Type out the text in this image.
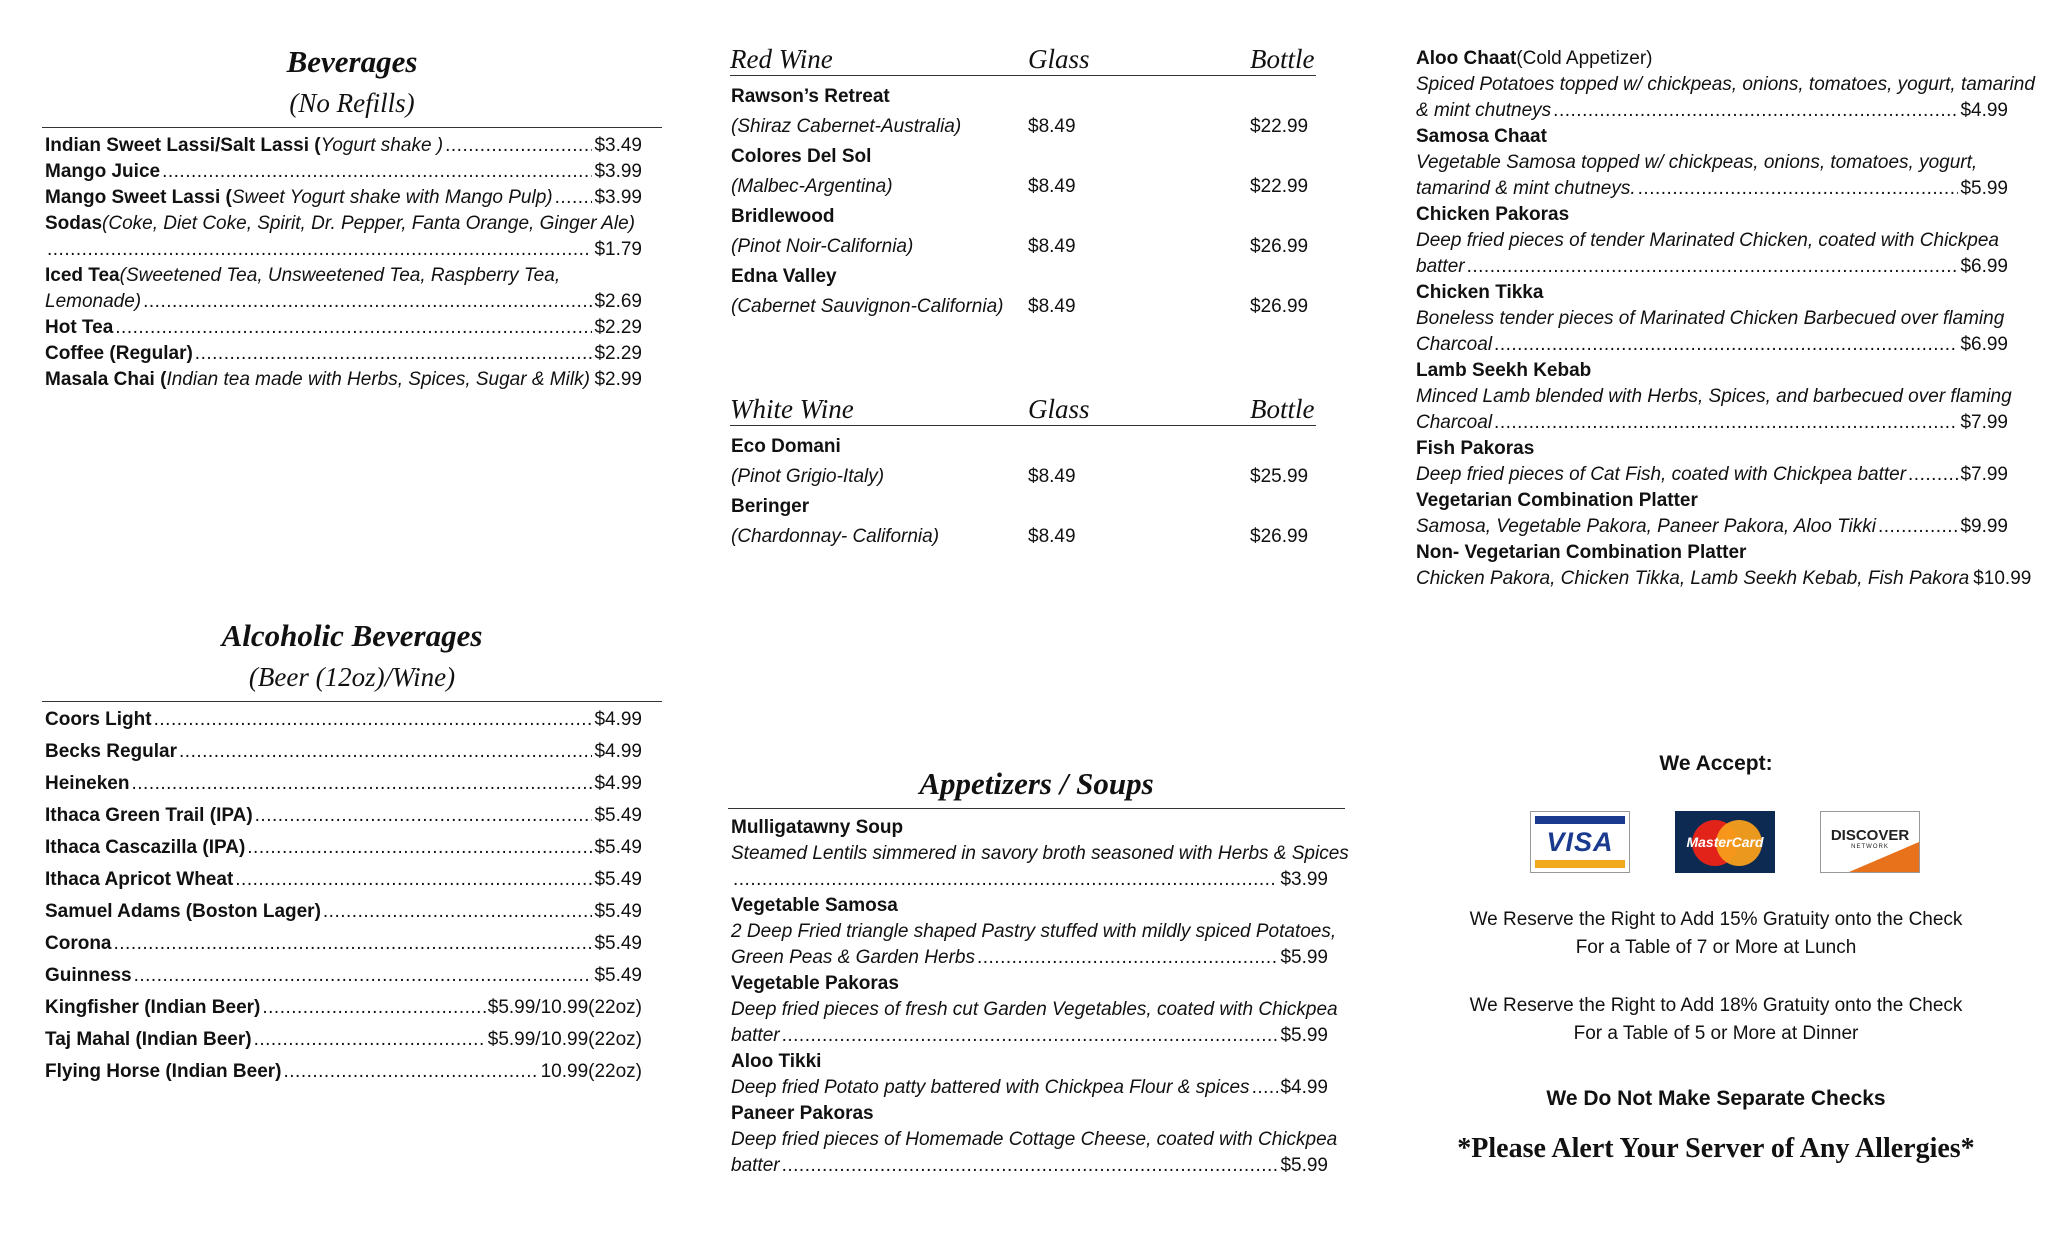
Beverages
(No Refills)
Indian Sweet Lassi/Salt Lassi ( Yogurt shake ) .....	$3.49
Mango Juice .....	$3.99
Mango Sweet Lassi ( Sweet Yogurt shake with Mango Pulp) ..... $3.99
Sodas (Coke, Diet Coke, Spirit, Dr. Pepper, Fanta Orange, Ginger Ale)
.....
$1.79
Iced Tea (Sweetened Tea, Unsweetened Tea, Raspberry Tea,
Lemonade) .....	$2.69
Hot Tea .....	$2.29
Coffee (Regular) .....	$2.29
Masala Chai ( Indian tea made with Herbs, Spices, Sugar & Milk) ..... $2.99
Alcoholic Beverages
(Beer (12oz)/Wine)
Coors Light .....	$4.99
Becks Regular .....	$4.99
Heineken .....	$4.99
Ithaca Green Trail (IPA) .....	$5.49
Ithaca Cascazilla (IPA) .....	$5.49
Ithaca Apricot Wheat .....	$5.49
Samuel Adams (Boston Lager) .....	$5.49
Corona .....	$5.49
Guinness .....	$5.49
Kingfisher (Indian Beer) .....	$5.99/10.99(22oz)
Taj Mahal (Indian Beer) .....	$5.99/10.99(22oz)
Flying Horse (Indian Beer) .....	10.99(22oz)
Red Wine	Glass	Bottle
Rawson’s Retreat
(Shiraz Cabernet-Australia)	$8.49	$22.99
Colores Del Sol
(Malbec-Argentina)	$8.49	$22.99
Bridlewood
(Pinot Noir-California)	$8.49	$26.99
Edna Valley
(Cabernet Sauvignon-California) $8.49	$26.99
White Wine	Glass	Bottle
Eco Domani
(Pinot Grigio-Italy)	$8.49	$25.99
Beringer
(Chardonnay- California)	$8.49	$26.99
Appetizers / Soups
Mulligatawny Soup
Steamed Lentils simmered in savory broth seasoned with Herbs & Spices
.....
$3.99
Vegetable Samosa
2 Deep Fried triangle shaped Pastry stuffed with mildly spiced Potatoes,
Green Peas & Garden Herbs .....	$5.99
Vegetable Pakoras
Deep fried pieces of fresh cut Garden Vegetables, coated with Chickpea
batter .....	$5.99
Aloo Tikki
Deep fried Potato patty battered with Chickpea Flour & spices ..... $4.99
Paneer Pakoras
Deep fried pieces of Homemade Cottage Cheese, coated with Chickpea
batter .....	$5.99
Aloo Chaat (Cold Appetizer)
Spiced Potatoes topped w/ chickpeas, onions, tomatoes, yogurt, tamarind
& mint chutneys .....	$4.99
Samosa Chaat
Vegetable Samosa topped w/ chickpeas, onions, tomatoes, yogurt,
tamarind & mint chutneys. .....	$5.99
Chicken Pakoras
Deep fried pieces of tender Marinated Chicken, coated with Chickpea
batter .....	$6.99
Chicken Tikka
Boneless tender pieces of Marinated Chicken Barbecued over flaming
Charcoal .....	$6.99
Lamb Seekh Kebab
Minced Lamb blended with Herbs, Spices, and barbecued over flaming
Charcoal .....	$7.99
Fish Pakoras
Deep fried pieces of Cat Fish, coated with Chickpea batter .....	$7.99
Vegetarian Combination Platter
Samosa, Vegetable Pakora, Paneer Pakora, Aloo Tikki .....	$9.99
Non- Vegetarian Combination Platter
Chicken Pakora, Chicken Tikka, Lamb Seekh Kebab, Fish Pakora $10.99
We Accept:
VISA	MasterCard	DISCOVER
NETWORK
We Reserve the Right to Add 15% Gratuity onto the Check
For a Table of 7 or More at Lunch
We Reserve the Right to Add 18% Gratuity onto the Check
For a Table of 5 or More at Dinner
We Do Not Make Separate Checks
*Please Alert Your Server of Any Allergies*
